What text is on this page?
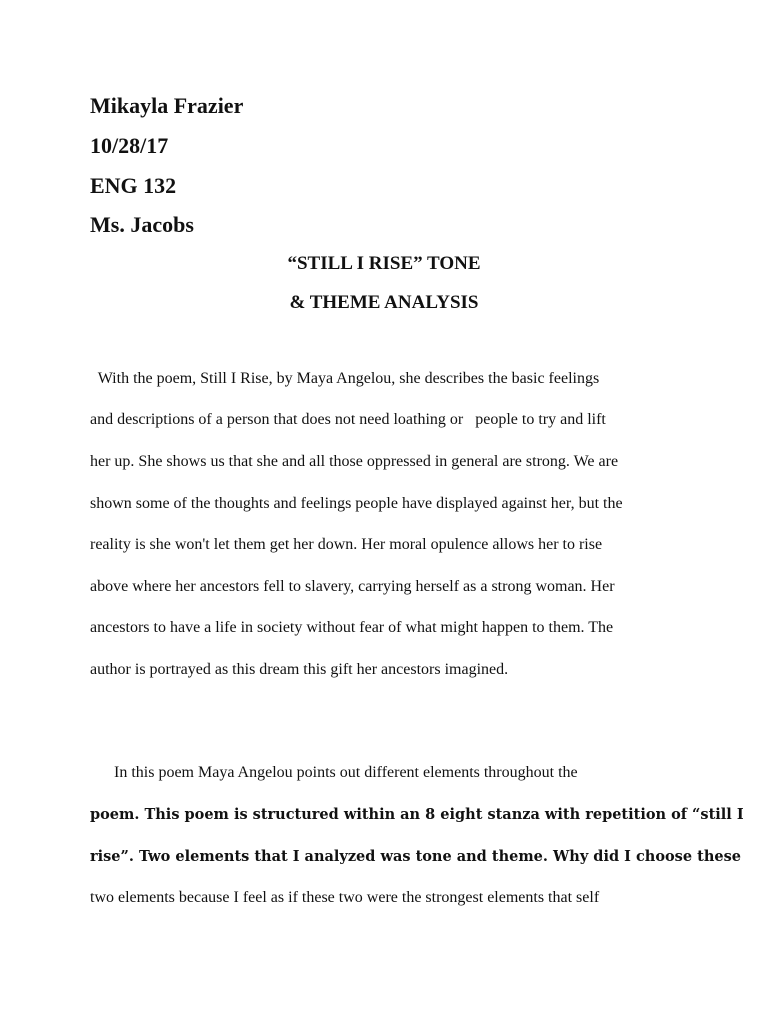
Mikayla Frazier
10/28/17
ENG 132
Ms. Jacobs
“STILL I RISE” TONE
& THEME ANALYSIS
With the poem, Still I Rise, by Maya Angelou, she describes the basic feelings
and descriptions of a person that does not need loathing or   people to try and lift
her up. She shows us that she and all those oppressed in general are strong. We are
shown some of the thoughts and feelings people have displayed against her, but the
reality is she won't let them get her down. Her moral opulence allows her to rise
above where her ancestors fell to slavery, carrying herself as a strong woman. Her
ancestors to have a life in society without fear of what might happen to them. The
author is portrayed as this dream this gift her ancestors imagined.
In this poem Maya Angelou points out different elements throughout the
poem. This poem is structured within an 8 eight stanza with repetition of “still I
rise”. Two elements that I analyzed was tone and theme. Why did I choose these
two elements because I feel as if these two were the strongest elements that self
